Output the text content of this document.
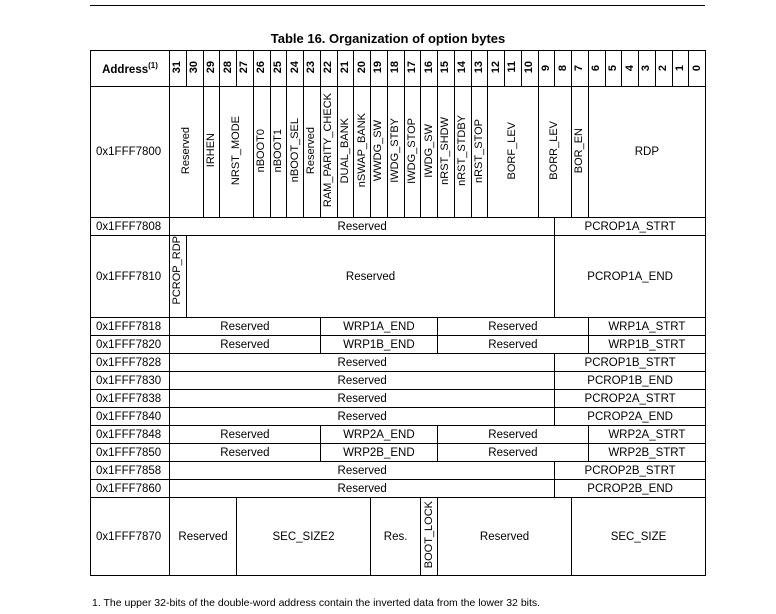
Table 16. Organization of option bytes
Address$^{(1)}$	31	30	29	28	27	26	25	24	23	22	21	20	19	18	17	16	15	14	13	12	11	10	9	8	7	6	5	4	3	2	1	0
0x1FFF7800	Reserved		IRHEN	NRST_MODE		nBOOT0	nBOOT1	nBOOT_SEL	Reserved	RAM_PARITY_CHECK	DUAL_BANK	nSWAP_BANK	WWDG_SW	IWDG_STBY	IWDG_STOP	IWDG_SW	nRST_SHDW	nRST_STDBY	nRST_STOP	BORF_LEV			BORR_LEV		BOR_EN	RDP						
0x1FFF7808	Reserved																							PCROP1A_STRT								
0x1FFF7810	PCROP_RDP	Reserved																						PCROP1A_END								
0x1FFF7818	Reserved									WRP1A_END							Reserved									WRP1A_STRT						
0x1FFF7820	Reserved									WRP1B_END							Reserved									WRP1B_STRT						
0x1FFF7828	Reserved																							PCROP1B_STRT								
0x1FFF7830	Reserved																							PCROP1B_END								
0x1FFF7838	Reserved																							PCROP2A_STRT								
0x1FFF7840	Reserved																							PCROP2A_END								
0x1FFF7848	Reserved									WRP2A_END							Reserved									WRP2A_STRT						
0x1FFF7850	Reserved									WRP2B_END							Reserved									WRP2B_STRT						
0x1FFF7858	Reserved																							PCROP2B_STRT								
0x1FFF7860	Reserved																							PCROP2B_END								
0x1FFF7870	Reserved				SEC_SIZE2								Res.			BOOT_LOCK	Reserved								SEC_SIZE							
1. The upper 32-bits of the double-word address contain the inverted data from the lower 32 bits.
